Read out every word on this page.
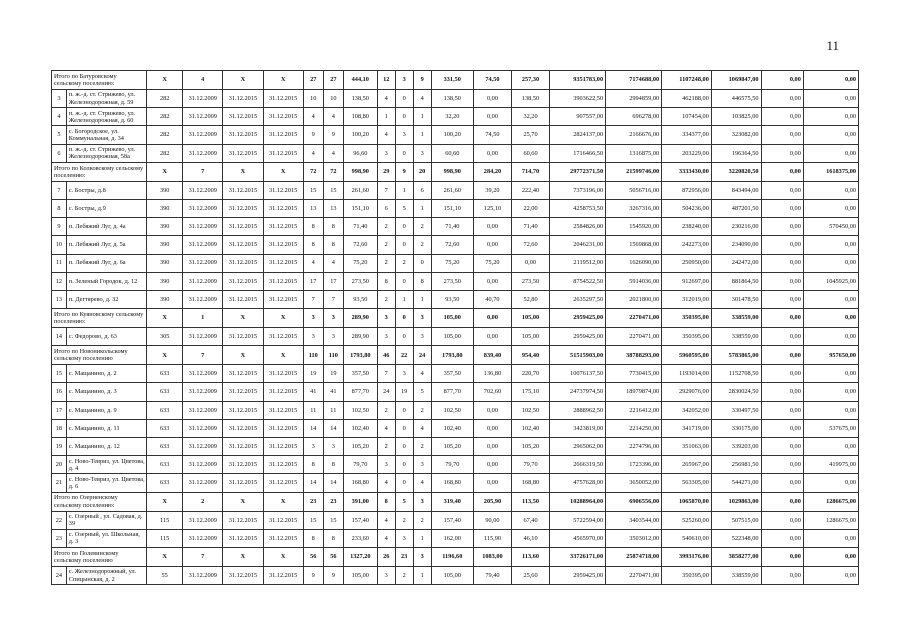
11
Итого по Батуровскому сельскому поселению:		X	4	X	X	27	27	444,10	12	3	9	331,50	74,50	257,30	9351783,00	7174688,00	1107248,00	1069847,00	0,00	0,00
3	п. ж.-д. ст. Стрижево, ул. Железнодорожная, д. 59	282	31.12.2009	31.12.2015	31.12.2015	10	10	138,50	4	0	4	138,50	0,00	138,50	3903622,50	2994859,00	462188,00	446575,50	0,00	0,00
4	п. ж.-д. ст. Стрижево, ул. Железнодорожная, д. 60	282	31.12.2009	31.12.2015	31.12.2015	4	4	108,80	1	0	1	32,20	0,00	32,20	907557,00	696278,00	107454,00	103825,00	0,00	0,00
5	с. Богородское, ул. Коммунальная, д. 34	282	31.12.2009	31.12.2015	31.12.2015	9	9	100,20	4	3	1	100,20	74,50	25,70	2824137,00	2166676,00	334377,00	323082,00	0,00	0,00
6	п. ж.-д. ст. Стрижево, ул. Железнодорожная, 58а	282	31.12.2009	31.12.2015	31.12.2015	4	4	96,60	3	0	3	60,60	0,00	60,60	1716466,50	1316875,00	203229,00	196364,50	0,00	0,00
Итого по Колковскому сельскому поселению:		X	7	X	X	72	72	998,90	29	9	20	998,90	284,20	714,70	29772371,50	21599746,00	3333430,00	3220820,50	0,00	1618375,00
7	с. Бостры, д.8	390	31.12.2009	31.12.2015	31.12.2015	15	15	261,60	7	1	6	261,60	39,20	222,40	7373196,00	5056716,00	872956,00	843494,00	0,00	0,00
8	с. Бостры, д.9	390	31.12.2009	31.12.2015	31.12.2015	13	13	151,10	6	5	1	151,10	125,10	22,00	4258753,50	3267316,00	504236,00	487201,50	0,00	0,00
9	п. Лебяжий Луг, д. 4а	390	31.12.2009	31.12.2015	31.12.2015	8	8	71,40	2	0	2	71,40	0,00	71,40	2584826,00	1545920,00	238240,00	230216,00	0,00	570450,00
10	п. Лебяжий Луг, д. 5а	390	31.12.2009	31.12.2015	31.12.2015	8	8	72,60	2	0	2	72,60	0,00	72,60	2046231,00	1569868,00	242273,00	234090,00	0,00	0,00
11	п. Лебяжий Луг, д. 6а	390	31.12.2009	31.12.2015	31.12.2015	4	4	75,20	2	2	0	75,20	75,20	0,00	2119512,00	1626090,00	250950,00	242472,00	0,00	0,00
12	п. Зеленый Городок, д. 12	390	31.12.2009	31.12.2015	31.12.2015	17	17	273,50	8	0	8	273,50	0,00	273,50	8754522,50	5914036,00	912697,00	881864,50	0,00	1045925,00
13	п. Дегтярево, д. 32	390	31.12.2009	31.12.2015	31.12.2015	7	7	93,50	2	1	1	93,50	40,70	52,80	2635297,50	2021800,00	312019,00	301478,50	0,00	0,00
Итого по Куяновскому сельскому поселению:		X	1	X	X	3	3	289,90	3	0	3	105,00	0,00	105,00	2959425,00	2270471,00	350395,00	338559,00	0,00	0,00
14	с. Федорово, д. 63	305	31.12.2009	31.12.2015	31.12.2015	3	3	289,90	3	0	3	105,00	0,00	105,00	2959425,00	2270471,00	350395,00	338559,00	0,00	0,00
Итого по Новоникольскому сельскому поселению		X	7	X	X	110	110	1793,80	46	22	24	1793,80	839,40	954,40	51515903,00	38788293,00	5960595,00	5783865,00	0,00	957650,00
15	с. Мащанино, д. 2	633	31.12.2009	31.12.2015	31.12.2015	19	19	357,50	7	3	4	357,50	136,80	220,70	10076137,50	7730415,00	1193014,00	1152708,50	0,00	0,00
16	с. Мащанино, д. 3	633	31.12.2009	31.12.2015	31.12.2015	41	41	877,70	24	19	5	877,70	702,60	175,10	24737974,50	18979874,00	2929076,00	2830024,50	0,00	0,00
17	с. Мащанино, д. 9	633	31.12.2009	31.12.2015	31.12.2015	11	11	102,50	2	0	2	102,50	0,00	102,50	2888962,50	2216412,00	342052,00	330497,50	0,00	0,00
18	с. Мащанино, д. 11	633	31.12.2009	31.12.2015	31.12.2015	14	14	102,40	4	0	4	102,40	0,00	102,40	3423819,00	2214250,00	341719,00	330175,00	0,00	537675,00
19	с. Мащанино, д. 12	633	31.12.2009	31.12.2015	31.12.2015	3	3	105,20	2	0	2	105,20	0,00	105,20	2965062,00	2274796,00	351063,00	339203,00	0,00	0,00
20	с. Ново-Тевриз, ул. Цветова, д. 4	633	31.12.2009	31.12.2015	31.12.2015	8	8	79,70	3	0	3	79,70	0,00	79,70	2666319,50	1723396,00	265967,00	256981,50	0,00	419975,00
21	с. Ново-Тевриз, ул. Цветова, д. 6	633	31.12.2009	31.12.2015	31.12.2015	14	14	168,80	4	0	4	168,80	0,00	168,80	4757628,00	3650052,00	563305,00	544271,00	0,00	0,00
Итого по Озерненскому сельскому поселению:		X	2	X	X	23	23	391,00	8	5	3	319,40	205,90	113,50	10288964,00	6906556,00	1065870,00	1029863,00	0,00	1286675,00
22	с. Озерный , ул. Садовая, д. 39	115	31.12.2009	31.12.2015	31.12.2015	15	15	157,40	4	2	2	157,40	90,00	67,40	5722594,00	3403544,00	525260,00	507515,00	0,00	1286675,00
23	с. Озерный, ул. Школьная, д. 3	115	31.12.2009	31.12.2015	31.12.2015	8	8	233,60	4	3	1	162,00	115,90	46,10	4565970,00	3503012,00	540610,00	522348,00	0,00	0,00
Итого по Полевинскому сельскому поселению		X	7	X	X	56	56	1327,20	26	23	3	1196,60	1083,00	113,60	33726171,00	25874718,00	3993176,00	3858277,00	0,00	0,00
24	с. Железнодорожный, ул. Спицынская, д. 2	55	31.12.2009	31.12.2015	31.12.2015	9	9	105,00	3	2	1	105,00	79,40	25,60	2959425,00	2270471,00	350395,00	338559,00	0,00	0,00
